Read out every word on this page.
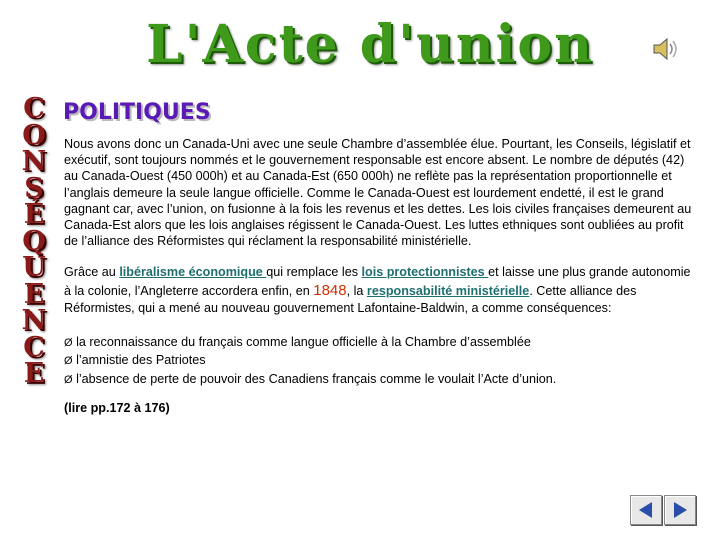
L'Acte d'union
C
O
N
S
É
Q
U
E
N
C
E
POLITIQUES

Nous avons donc un Canada-Uni avec une seule Chambre d’assemblée élue. Pourtant, les Conseils, législatif et exécutif, sont toujours nommés et le gouvernement responsable est encore absent. Le nombre de députés (42) au Canada-Ouest (450 000h) et au Canada-Est (650 000h) ne reflète pas la représentation proportionnelle et l’anglais demeure la seule langue officielle. Comme le Canada-Ouest est lourdement endetté, il est le grand gagnant car, avec l’union, on fusionne à la fois les revenus et les dettes. Les lois civiles françaises demeurent au Canada-Est alors que les lois anglaises régissent le Canada-Ouest. Les luttes ethniques sont oubliées au profit de l’alliance des Réformistes qui réclament la responsabilité ministérielle.

Grâce au libéralisme économique qui remplace les lois protectionnistes et laisse une plus grande autonomie à la colonie, l’Angleterre accordera enfin, en 1848, la responsabilité ministérielle. Cette alliance des Réformistes, qui a mené au nouveau gouvernement Lafontaine-Baldwin, a comme conséquences:

Ø la reconnaissance du français comme langue officielle à la Chambre d’assemblée
Ø l’amnistie des Patriotes
Ø l’absence de perte de pouvoir des Canadiens français comme le voulait l’Acte d’union.

(lire pp.172 à 176)
